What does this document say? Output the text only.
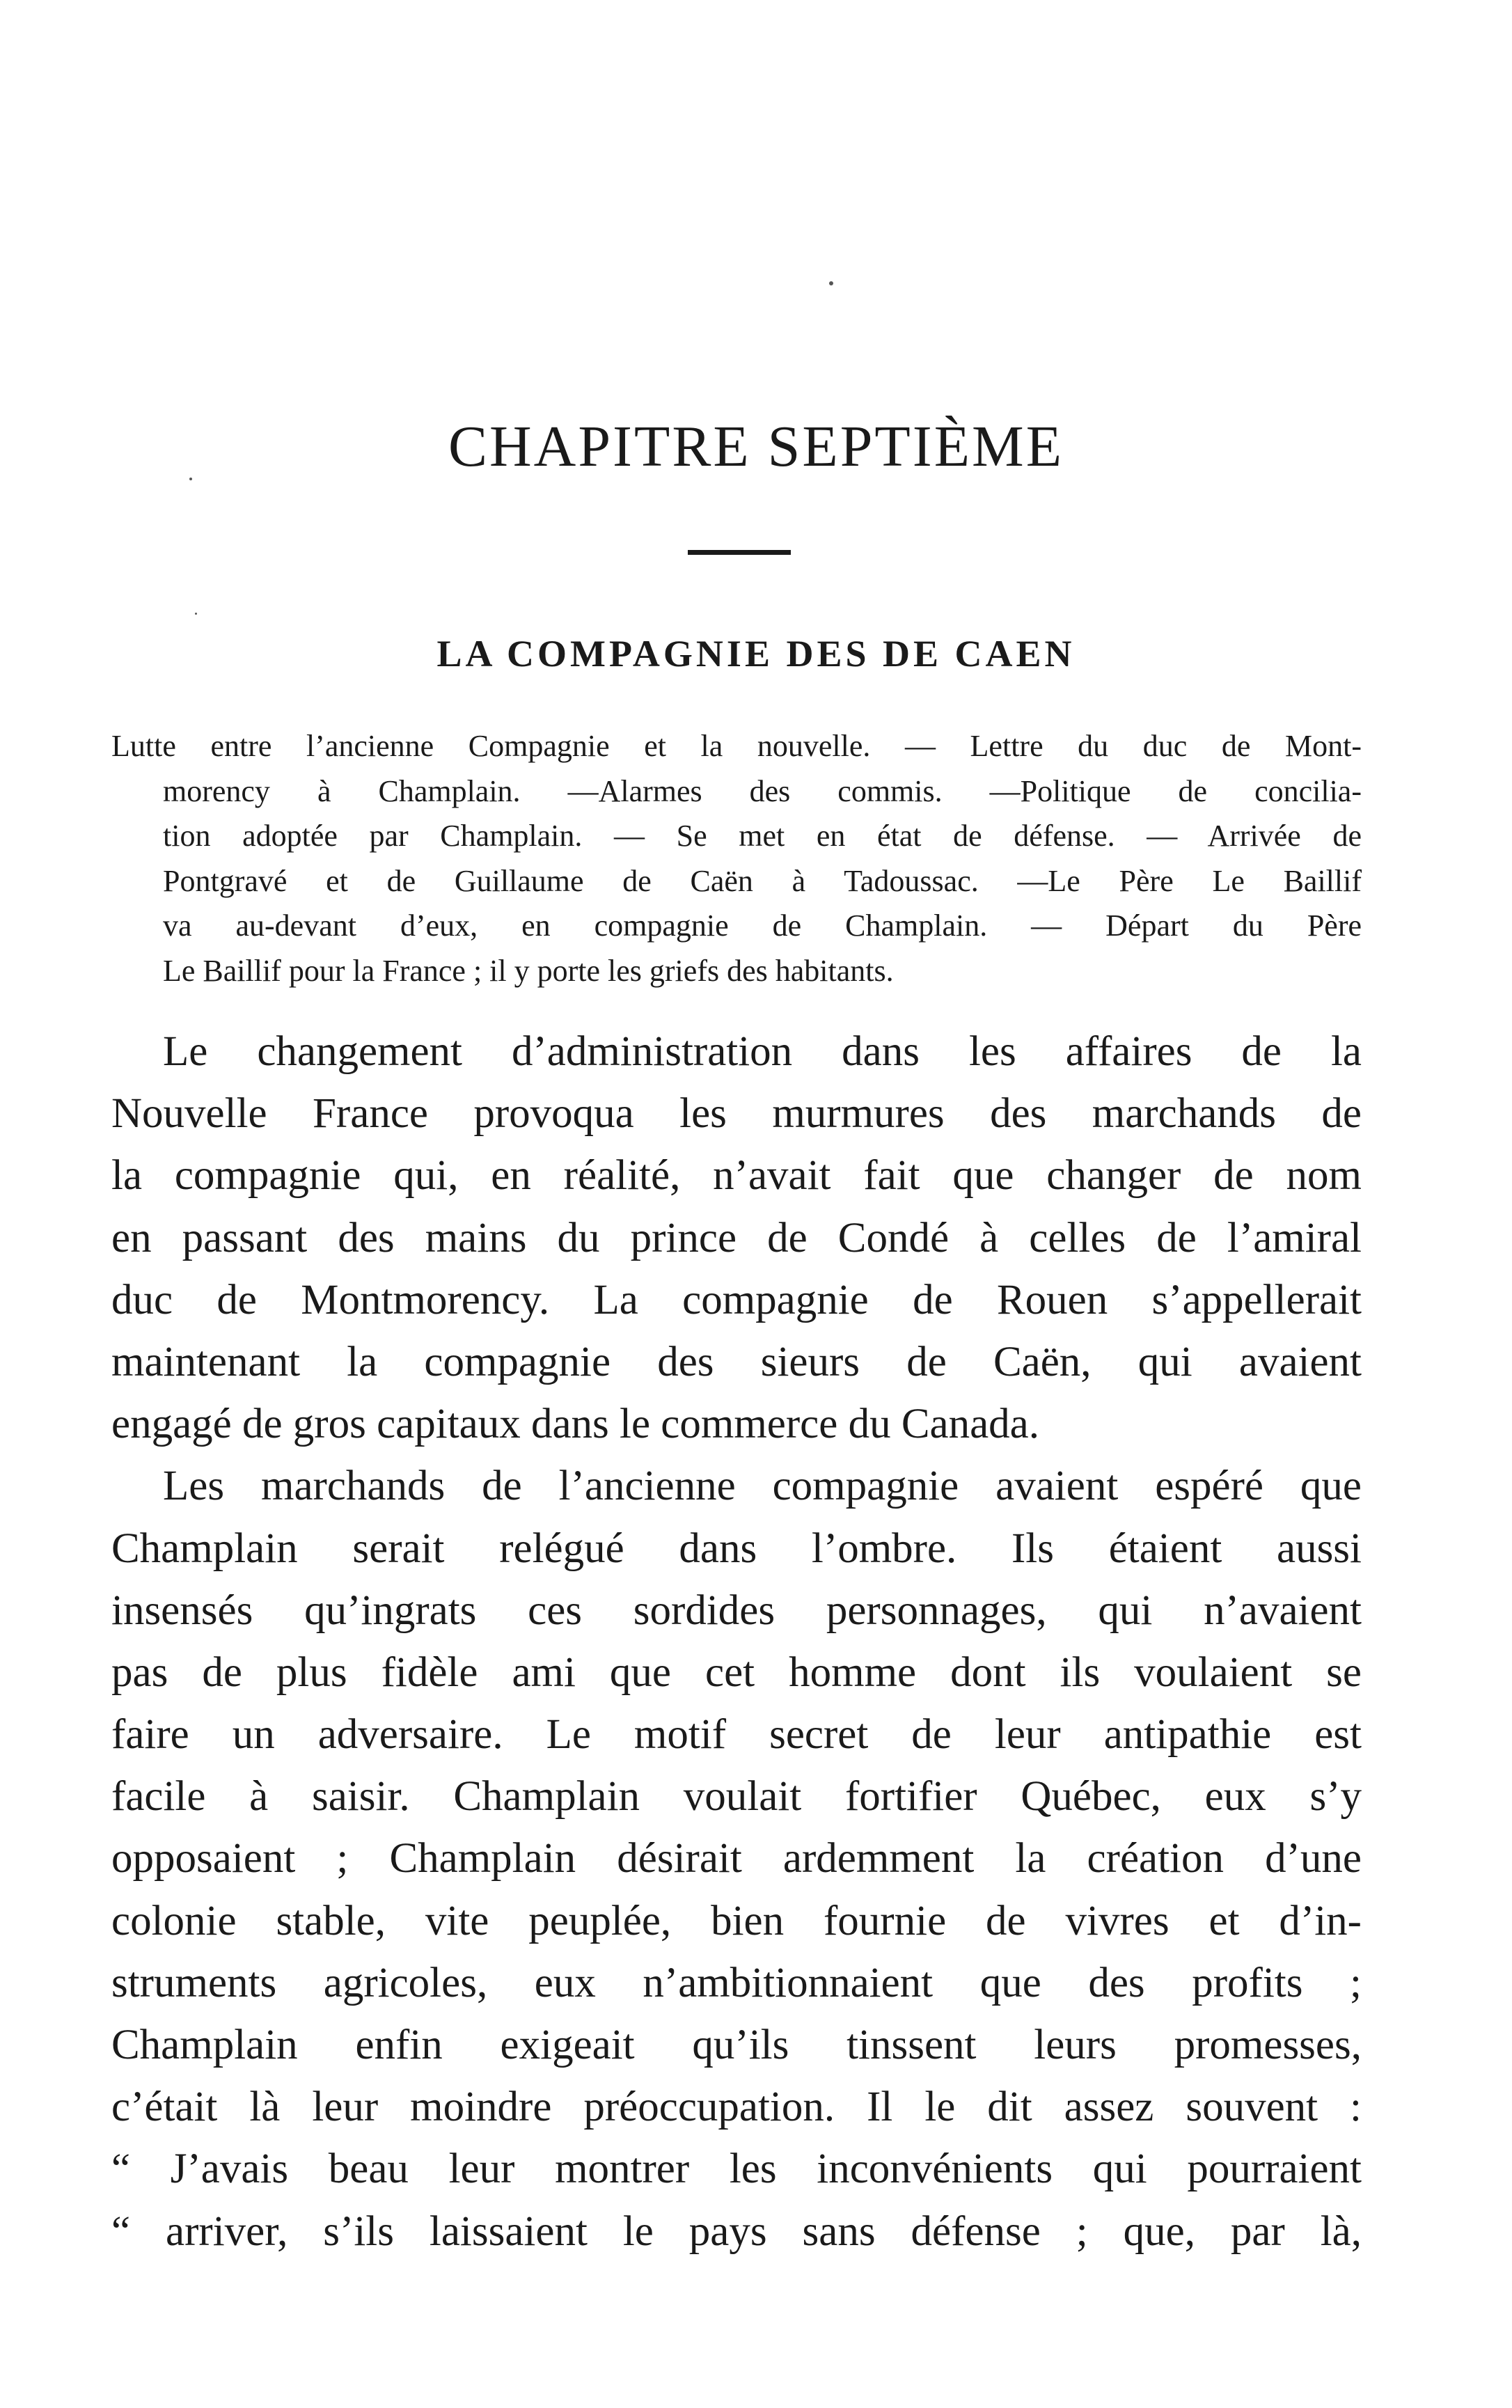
CHAPITRE SEPTIÈME
LA COMPAGNIE DES DE CAEN
Lutte entre l’ancienne Compagnie et la nouvelle. — Lettre du duc de Mont-
morency à Champlain. —Alarmes des commis. —Politique de concilia-
tion adoptée par Champlain. — Se met en état de défense. — Arrivée de
Pontgravé et de Guillaume de Caën à Tadoussac. —Le Père Le Baillif
va au-devant d’eux, en compagnie de Champlain. — Départ du Père
Le Baillif pour la France ; il y porte les griefs des habitants.
Le changement d’administration dans les affaires de la
Nouvelle France provoqua les murmures des marchands de
la compagnie qui, en réalité, n’avait fait que changer de nom
en passant des mains du prince de Condé à celles de l’amiral
duc de Montmorency. La compagnie de Rouen s’appellerait
maintenant la compagnie des sieurs de Caën, qui avaient
engagé de gros capitaux dans le commerce du Canada.
Les marchands de l’ancienne compagnie avaient espéré que
Champlain serait relégué dans l’ombre. Ils étaient aussi
insensés qu’ingrats ces sordides personnages, qui n’avaient
pas de plus fidèle ami que cet homme dont ils voulaient se
faire un adversaire. Le motif secret de leur antipathie est
facile à saisir. Champlain voulait fortifier Québec, eux s’y
opposaient ; Champlain désirait ardemment la création d’une
colonie stable, vite peuplée, bien fournie de vivres et d’in-
struments agricoles, eux n’ambitionnaient que des profits ;
Champlain enfin exigeait qu’ils tinssent leurs promesses,
c’était là leur moindre préoccupation. Il le dit assez souvent :
“ J’avais beau leur montrer les inconvénients qui pourraient
“ arriver, s’ils laissaient le pays sans défense ; que, par là,
